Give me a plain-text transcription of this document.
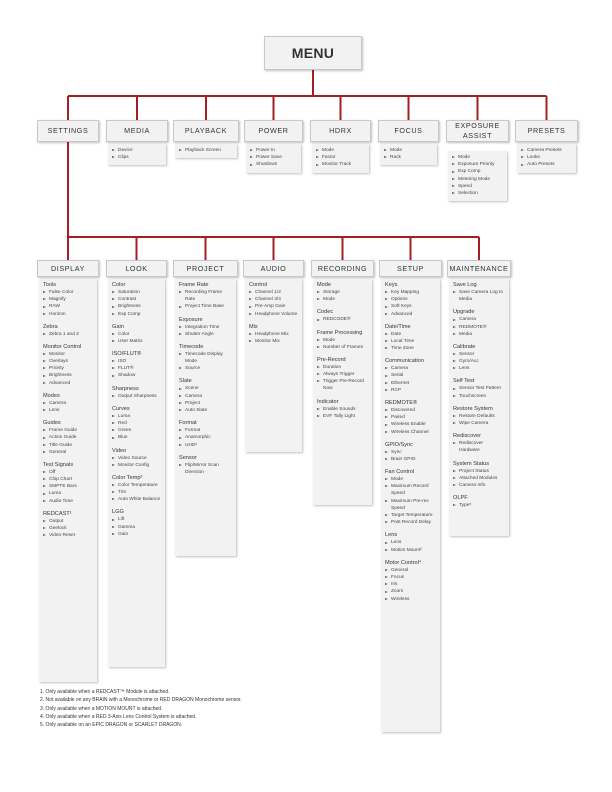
MENU
SETTINGS	MEDIA
Device
Clips
PLAYBACK
Playback Screen
POWER
Power In
Power Save
Shutdown
HDRX
Mode
Factor
Monitor Track
FOCUS
Mode
Rack
EXPOSURE
ASSIST
Mode
Exposure Priority
Exp Comp
Metering Mode
Speed
Selection
PRESETS
Camera Presets
Looks
Auto Presets
DISPLAY
Tools
False Color
Magnify
RAW
Horizon
Zebra
Zebra 1 and 2
Monitor Control
Monitor
Overlays
Priority
Brightness
Advanced
Modes
Camera
Lens
Guides
Frame Guide
Action Guide
Title Guide
General
Test Signals
Off
Chip Chart
SMPTE Bars
Luma
Audio Tone
REDCAST¹
Output
Geelock
Video Reset
LOOK
Color
Saturation
Contrast
Brightness
Exp Comp
Gain
Color
User Matrix
ISO/FLUT®
ISO
FLUT®
Shadow
Sharpness
Output Sharpness
Curves
Luma
Red
Green
Blue
Video
Video Source
Monitor Config
Color Temp²
Color Temperature
Tint
Auto White Balance
LGG
Lift
Gamma
Gain
PROJECT
Frame Rate
Recording Frame Rate
Project Time Base
Exposure
Integration Time
Shutter Angle
Timecode
Timecode Display Mode
Source
Slate
Scene
Camera
Project
Auto Slate
Format
Format
Anamorphic
UHD²
Sensor
Flip/Mirror Scan Direction
AUDIO
Control
Channel 1/2
Channel 3/4
Pre-Amp Gain
Headphone Volume
Mix
Headphone Mix
Monitor Mix
RECORDING
Mode
Storage
Mode
Codec
REDCODE®
Frame Processing
Mode
Number of Frames
Pre-Record
Duration
Always Trigger
Trigger Pre-Record Now
Indicator
Enable Sounds
EVF Tally Light
SETUP
Keys
Key Mapping
Options
Soft Keys
Advanced
Date/Time
Date
Local Time
Time Zone
Communication
Camera
Serial
Ethernet
RCP
REDMOTE®
Discovered
Paired
Wireless Enable
Wireless Channel
GPIO/Sync
Sync
Brain GPIO
Fan Control
Mode
Maximum Record Speed
Maximum Pre-rec Speed
Target Temperature
Post Record Delay
Lens
Lens
Motion Mount³
Motor Control⁴
General
Focus
Iris
Zoom
Wireless
MAINTENANCE
Save Log
Save Camera Log to Media
Upgrade
Camera
REDMOTE®
Media
Calibrate
Sensor
Gyro/Acc
Lens
Self Test
Sensor Test Pattern
Touchscreen
Restore System
Restore Defaults
Wipe Camera
Rediscover
Rediscover Hardware
System Status
Project Status
Attached Modules
Camera Info
OLPF
Type⁵
1. Only available when a REDCAST™ Module is attached.
2. Not available on any BRAIN with a Monochrome or RED DRAGON Monochrome sensor.
3. Only available when a MOTION MOUNT is attached.
4. Only available when a RED 3-Axis Lens Control System is attached.
5. Only available on an EPIC DRAGON or SCARLET DRAGON.
